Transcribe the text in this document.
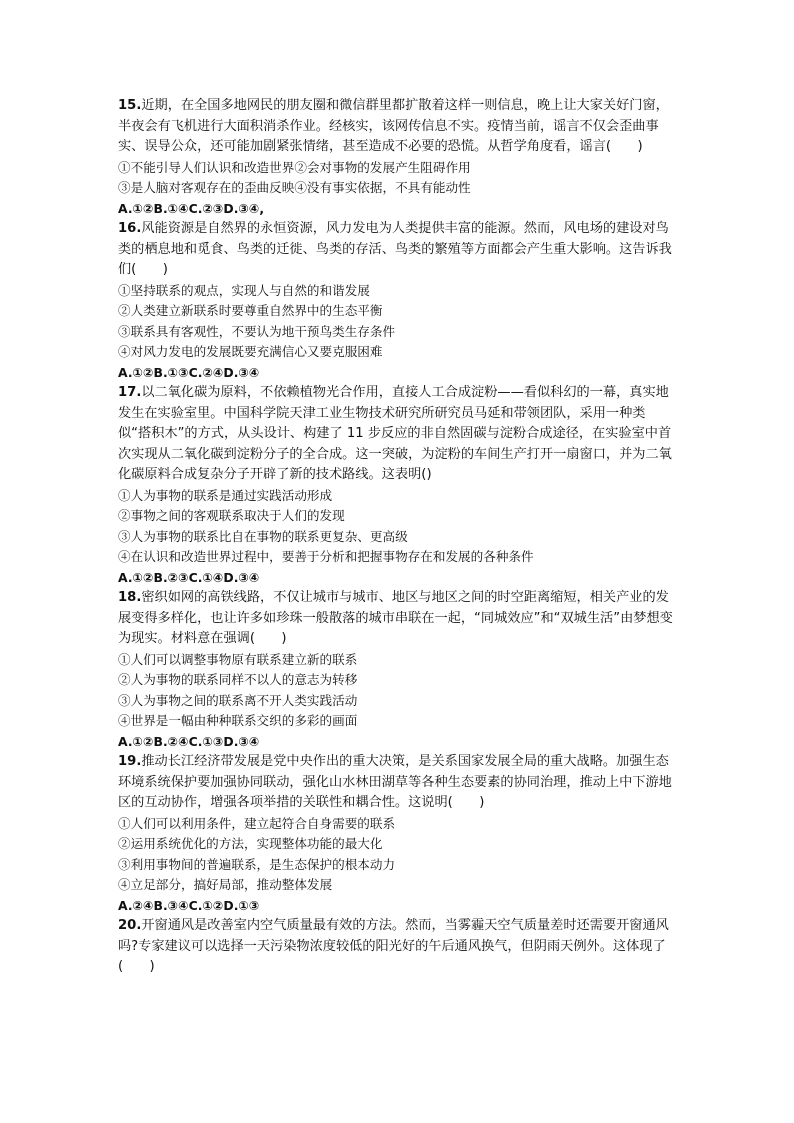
15.近期，在全国多地网民的朋友圈和微信群里都扩散着这样一则信息，晚上让大家关好门窗，半夜会有飞机进行大面积消杀作业。经核实，该网传信息不实。疫情当前，谣言不仅会歪曲事实、误导公众，还可能加剧紧张情绪，甚至造成不必要的恐慌。从哲学角度看，谣言(　　)

①不能引导人们认识和改造世界②会对事物的发展产生阻碍作用

③是人脑对客观存在的歪曲反映④没有事实依据，不具有能动性

A.①②B.①④C.②③D.③④,

16.风能资源是自然界的永恒资源，风力发电为人类提供丰富的能源。然而，风电场的建设对鸟类的栖息地和觅食、鸟类的迁徙、鸟类的存活、鸟类的繁殖等方面都会产生重大影响。这告诉我们(　　)

①坚持联系的观点，实现人与自然的和谐发展

②人类建立新联系时要尊重自然界中的生态平衡

③联系具有客观性，不要认为地干预鸟类生存条件

④对风力发电的发展既要充满信心又要克服困难

A.①②B.①③C.②④D.③④

17.以二氧化碳为原料，不依赖植物光合作用，直接人工合成淀粉——看似科幻的一幕，真实地发生在实验室里。中国科学院天津工业生物技术研究所研究员马延和带领团队，采用一种类似“搭积木”的方式，从头设计、构建了 11 步反应的非自然固碳与淀粉合成途径，在实验室中首次实现从二氧化碳到淀粉分子的全合成。这一突破，为淀粉的车间生产打开一扇窗口，并为二氧化碳原料合成复杂分子开辟了新的技术路线。这表明()

①人为事物的联系是通过实践活动形成

②事物之间的客观联系取决于人们的发现

③人为事物的联系比自在事物的联系更复杂、更高级

④在认识和改造世界过程中，要善于分析和把握事物存在和发展的各种条件

A.①②B.②③C.①④D.③④

18.密织如网的高铁线路，不仅让城市与城市、地区与地区之间的时空距离缩短，相关产业的发展变得多样化，也让许多如珍珠一般散落的城市串联在一起，“同城效应”和“双城生活”由梦想变为现实。材料意在强调(　　)

①人们可以调整事物原有联系建立新的联系

②人为事物的联系同样不以人的意志为转移

③人为事物之间的联系离不开人类实践活动

④世界是一幅由种种联系交织的多彩的画面

A.①②B.②④C.①③D.③④

19.推动长江经济带发展是党中央作出的重大决策，是关系国家发展全局的重大战略。加强生态环境系统保护要加强协同联动，强化山水林田湖草等各种生态要素的协同治理，推动上中下游地区的互动协作，增强各项举措的关联性和耦合性。这说明(　　)

①人们可以利用条件，建立起符合自身需要的联系

②运用系统优化的方法，实现整体功能的最大化

③利用事物间的普遍联系，是生态保护的根本动力

④立足部分，搞好局部，推动整体发展

A.②④B.③④C.①②D.①③

20.开窗通风是改善室内空气质量最有效的方法。然而，当雾霾天空气质量差时还需要开窗通风吗?专家建议可以选择一天污染物浓度较低的阳光好的午后通风换气，但阴雨天例外。这体现了(　　)
